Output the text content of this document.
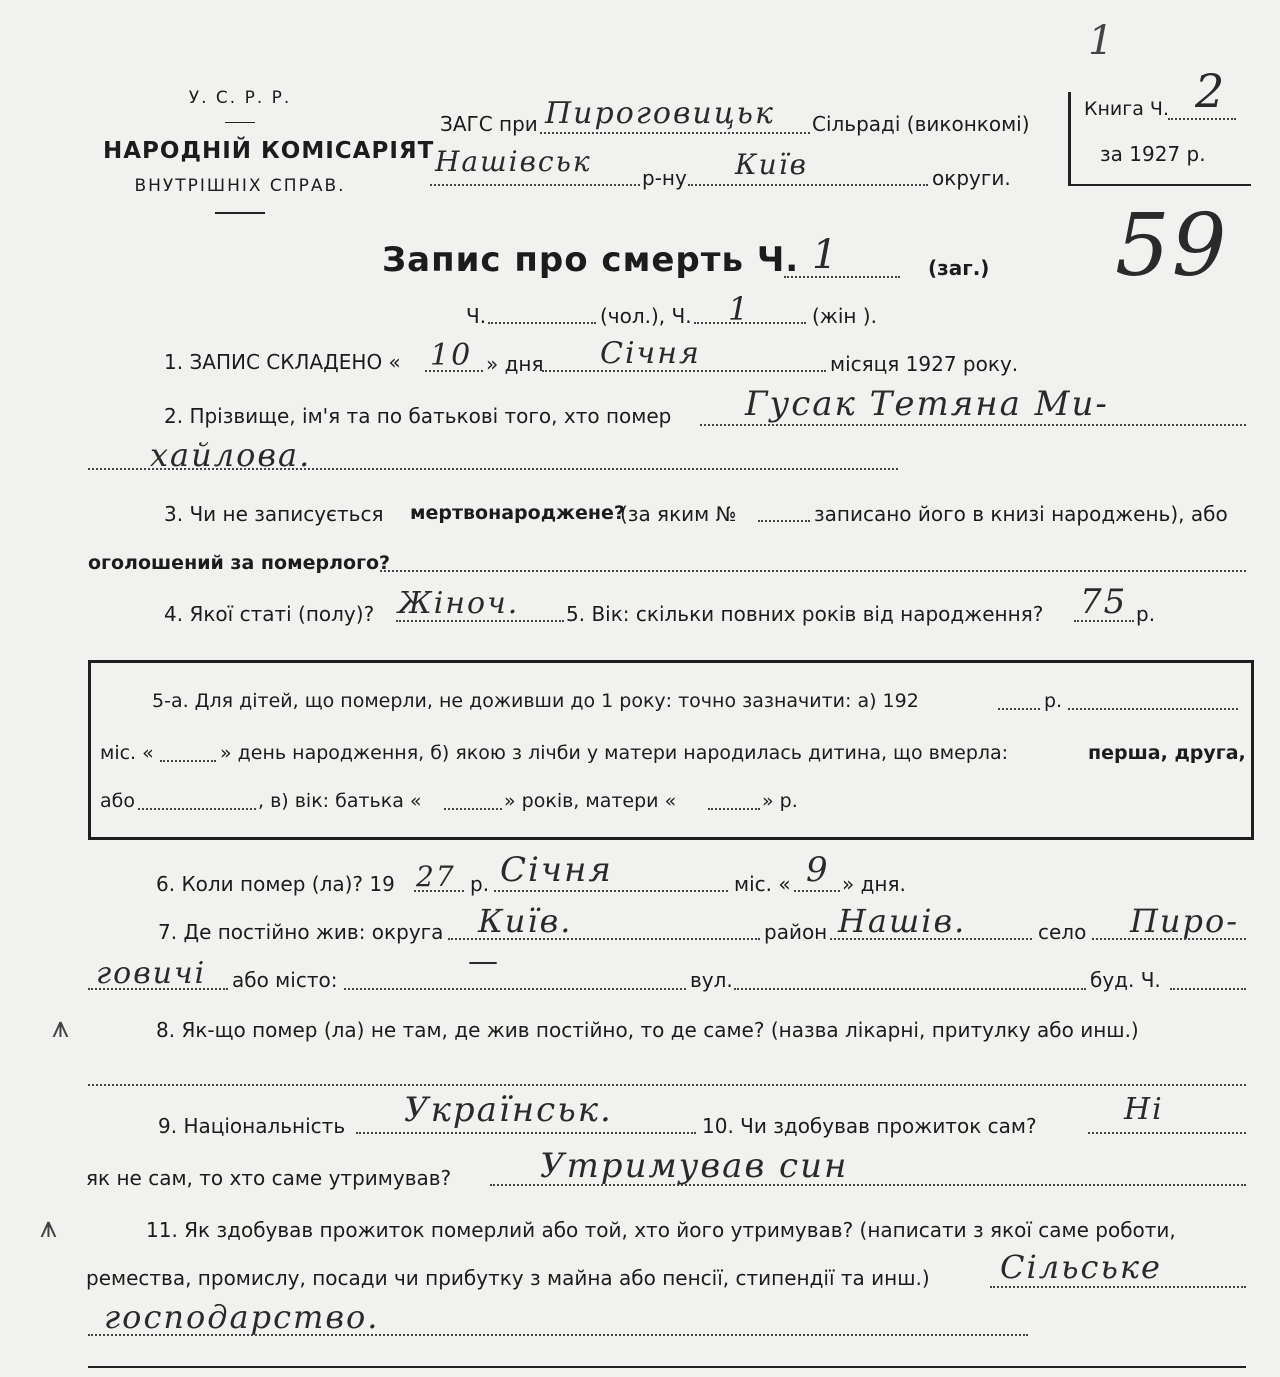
У. С. Р. Р.
НАРОДНІЙ КОМІСАРІЯТ
ВНУТРІШНІХ СПРАВ.
ЗАГС при Пироговицьк Сільраді (виконкомі)
Нашівськ	р-ну Київ	округи.
1
Книга Ч. 2
за 1927 р.
Запис про смерть Ч. 1	(заг.) 59
Ч.	(чол.), Ч. 1	(жін ).
1. ЗАПИС СКЛАДЕНО « 10 » дня Січня	місяця 1927 року.
2. Прізвище, ім'я та по батькові того, хто помер Гусак Тетяна Ми-
хайлова.
3. Чи не записується мертвонароджене?
(за яким №	записано його в книзі народжень), або
оголошений за померлого?
4. Якої статі (полу)? Жінoч. 5. Вік: скільки повних років від народження? 75 р.
5-а. Для дітей, що померли, не доживши до 1 року: точно зазначити: а) 192	р.
міс. «	» день народження, б) якою з лічби у матери народилась дитина, що вмерла:	перша, друга,
або	, в) вік: батька «	» років, матери «	» р.
6. Коли помер (ла)? 19 27 р. Січня	міс. « 9 » дня.
7. Де постійно жив: округа Київ.	район Нашів.	село Пиро-
говичі або місто:
—
вул.	буд. Ч.
⩚	8. Як-що помер (ла) не там, де жив постійно, то де саме? (назва лікарні, притулку або инш.)
9. Національність Українськ.	10. Чи здобував прожиток сам?	Ні
як не сам, то хто саме утримував?	Утримував син
⩚	11. Як здобував прожиток померлий або той, хто його утримував? (написати з якої саме роботи,
ремества, промислу, посади чи прибутку з майна або пенсії, стипендії та инш.) Сільське
господарство.
